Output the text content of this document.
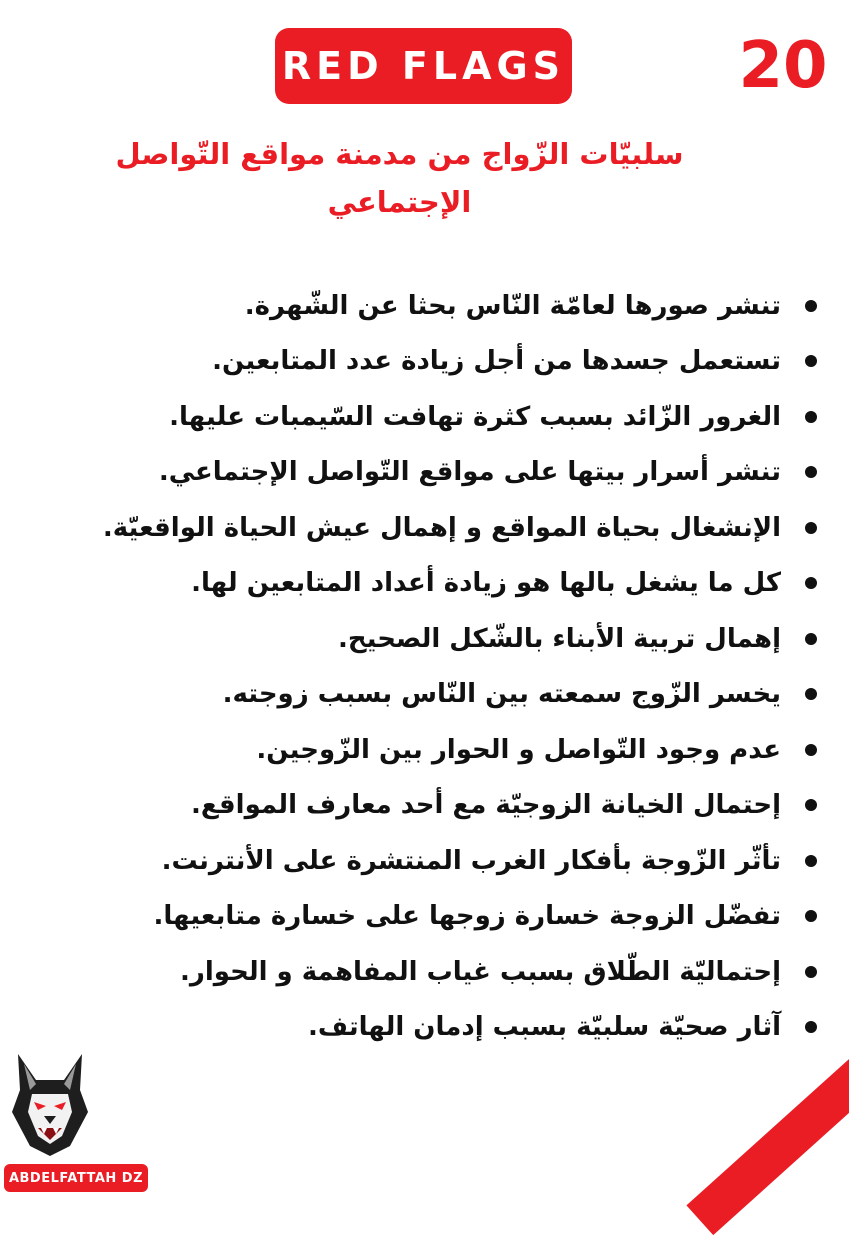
RED FLAGS	20
سلبيّات الزّواج من مدمنة مواقع التّواصل الإجتماعي
تنشر صورها لعامّة النّاس بحثا عن الشّهرة.
تستعمل جسدها من أجل زيادة عدد المتابعين.
الغرور الزّائد بسبب كثرة تهافت السّيمبات عليها.
تنشر أسرار بيتها على مواقع التّواصل الإجتماعي.
الإنشغال بحياة المواقع و إهمال عيش الحياة الواقعيّة.
كل ما يشغل بالها هو زيادة أعداد المتابعين لها.
إهمال تربية الأبناء بالشّكل الصحيح.
يخسر الزّوج سمعته بين النّاس بسبب زوجته.
عدم وجود التّواصل و الحوار بين الزّوجين.
إحتمال الخيانة الزوجيّة مع أحد معارف المواقع.
تأثّر الزّوجة بأفكار الغرب المنتشرة على الأنترنت.
تفضّل الزوجة خسارة زوجها على خسارة متابعيها.
إحتماليّة الطّلاق بسبب غياب المفاهمة و الحوار.
آثار صحيّة سلبيّة بسبب إدمان الهاتف.
ABDELFATTAH DZ
